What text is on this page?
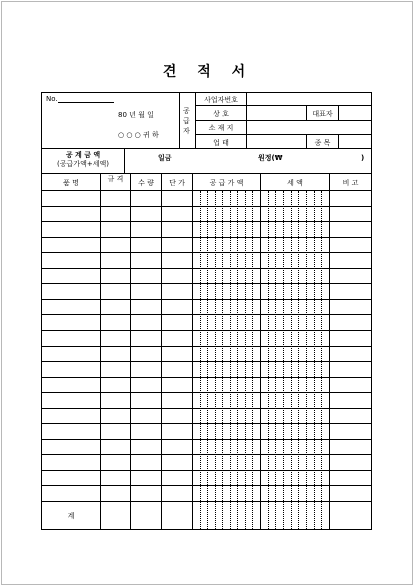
견 적 서
No.
80 년 월 일
○ ○ ○ 귀 하
공급자
사업자번호
상 호	대표자
소 재 지
업 태	종 목
공 계 금 액
(공급가액+세액)
일금	원정(₩	)
품 명	규 격	수 량	단 가	공 급 가 액	세 액	비 고
계
